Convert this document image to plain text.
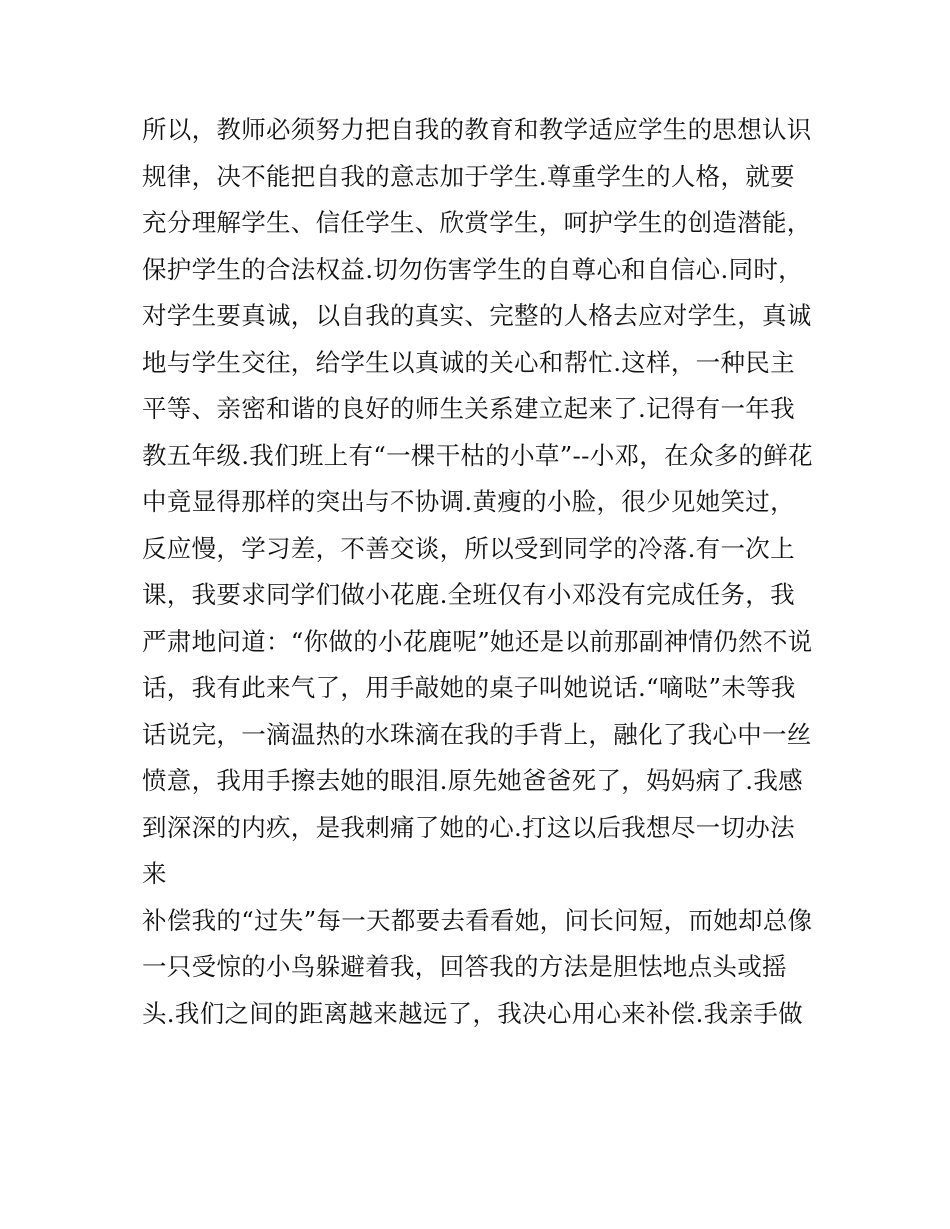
所以，教师必须努力把自我的教育和教学适应学生的思想认识
规律，决不能把自我的意志加于学生.尊重学生的人格，就要
充分理解学生、信任学生、欣赏学生，呵护学生的创造潜能，
保护学生的合法权益.切勿伤害学生的自尊心和自信心.同时，
对学生要真诚，以自我的真实、完整的人格去应对学生，真诚
地与学生交往，给学生以真诚的关心和帮忙.这样，一种民主
平等、亲密和谐的良好的师生关系建立起来了.记得有一年我
教五年级.我们班上有“一棵干枯的小草”--小邓，在众多的鲜花
中竟显得那样的突出与不协调.黄瘦的小脸，很少见她笑过，
反应慢，学习差，不善交谈，所以受到同学的冷落.有一次上
课，我要求同学们做小花鹿.全班仅有小邓没有完成任务，我
严肃地问道：“你做的小花鹿呢”她还是以前那副神情仍然不说
话，我有此来气了，用手敲她的桌子叫她说话.“嘀哒”未等我
话说完，一滴温热的水珠滴在我的手背上，融化了我心中一丝
愤意，我用手擦去她的眼泪.原先她爸爸死了，妈妈病了.我感
到深深的内疚，是我刺痛了她的心.打这以后我想尽一切办法
来
补偿我的“过失”每一天都要去看看她，问长问短，而她却总像
一只受惊的小鸟躲避着我，回答我的方法是胆怯地点头或摇
头.我们之间的距离越来越远了，我决心用心来补偿.我亲手做
